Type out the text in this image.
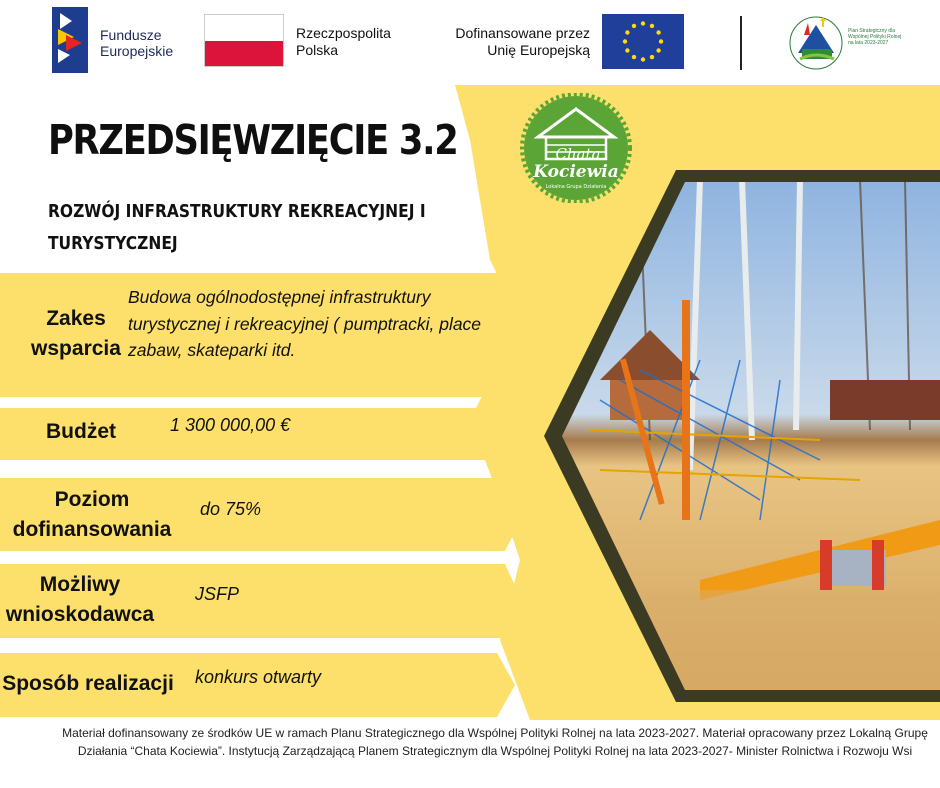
Fundusze
Europejskie
Rzeczpospolita
Polska
Dofinansowane przez
Unię Europejską
Plan Strategiczny dla Wspólnej Polityki Rolnej na lata 2023-2027
Chata
Kociewia
Lokalna Grupa Działania
PRZEDSIĘWZIĘCIE 3.2
ROZWÓJ INFRASTRUKTURY REKREACYJNEJ I TURYSTYCZNEJ
Zakes
wsparcia
Budowa ogólnodostępnej infrastruktury turystycznej i rekreacyjnej ( pumptracki, place zabaw, skateparki itd.
Budżet	1 300 000,00 €
Poziom
dofinansowania
do 75%
Możliwy
wnioskodawca
JSFP
Sposób realizacji	konkurs otwarty

Materiał dofinansowany ze środków UE w ramach Planu Strategicznego dla Wspólnej Polityki Rolnej na lata 2023-2027. Materiał opracowany przez Lokalną Grupę Działania “Chata Kociewia”. Instytucją Zarządzającą Planem Strategicznym dla Wspólnej Polityki Rolnej na lata 2023-2027- Minister Rolnictwa i Rozwoju Wsi
